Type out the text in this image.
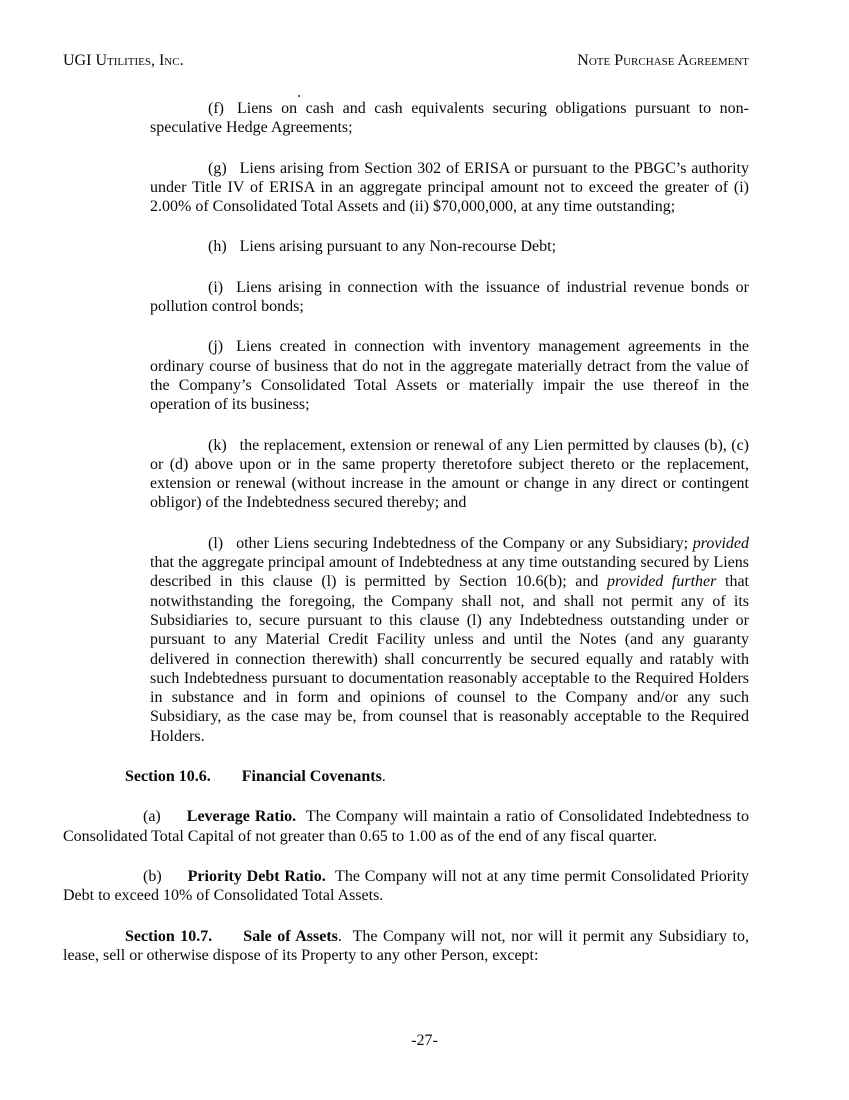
UGI Utilities, Inc.	Note Purchase Agreement

(f) Liens on cash and cash equivalents securing obligations pursuant to non-speculative Hedge Agreements;

(g) Liens arising from Section 302 of ERISA or pursuant to the PBGC’s authority under Title IV of ERISA in an aggregate principal amount not to exceed the greater of (i) 2.00% of Consolidated Total Assets and (ii) $70,000,000, at any time outstanding;

(h) Liens arising pursuant to any Non-recourse Debt;

(i) Liens arising in connection with the issuance of industrial revenue bonds or pollution control bonds;

(j) Liens created in connection with inventory management agreements in the ordinary course of business that do not in the aggregate materially detract from the value of the Company’s Consolidated Total Assets or materially impair the use thereof in the operation of its business;

(k) the replacement, extension or renewal of any Lien permitted by clauses (b), (c) or (d) above upon or in the same property theretofore subject thereto or the replacement, extension or renewal (without increase in the amount or change in any direct or contingent obligor) of the Indebtedness secured thereby; and

(l) other Liens securing Indebtedness of the Company or any Subsidiary; provided that the aggregate principal amount of Indebtedness at any time outstanding secured by Liens described in this clause (l) is permitted by Section 10.6(b); and provided further that notwithstanding the foregoing, the Company shall not, and shall not permit any of its Subsidiaries to, secure pursuant to this clause (l) any Indebtedness outstanding under or pursuant to any Material Credit Facility unless and until the Notes (and any guaranty delivered in connection therewith) shall concurrently be secured equally and ratably with such Indebtedness pursuant to documentation reasonably acceptable to the Required Holders in substance and in form and opinions of counsel to the Company and/or any such Subsidiary, as the case may be, from counsel that is reasonably acceptable to the Required Holders.

Section 10.6. Financial Covenants.

(a) Leverage Ratio.  The Company will maintain a ratio of Consolidated Indebtedness to Consolidated Total Capital of not greater than 0.65 to 1.00 as of the end of any fiscal quarter.

(b) Priority Debt Ratio.  The Company will not at any time permit Consolidated Priority Debt to exceed 10% of Consolidated Total Assets.

Section 10.7. Sale of Assets.  The Company will not, nor will it permit any Subsidiary to, lease, sell or otherwise dispose of its Property to any other Person, except:

-27-
